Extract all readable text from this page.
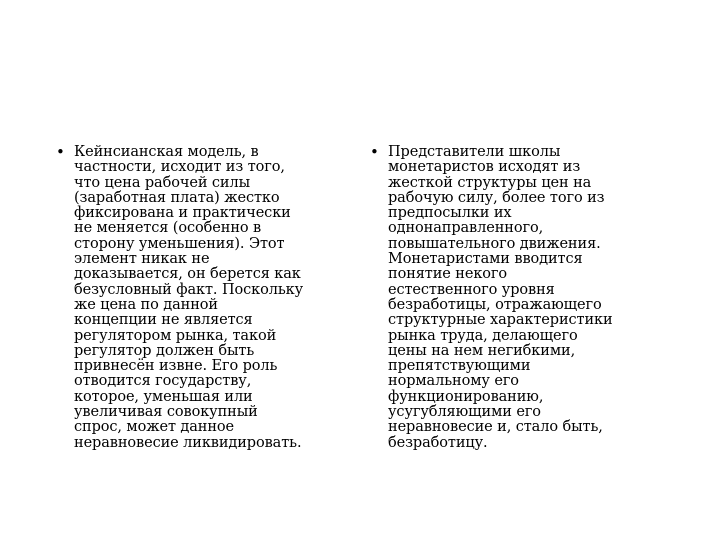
• Кейнсианская модель, в
частности, исходит из того,
что цена рабочей силы
(заработная плата) жестко
фиксирована и практически
не меняется (особенно в
сторону уменьшения). Этот
элемент никак не
доказывается, он берется как
безусловный факт. Поскольку
же цена по данной
концепции не является
регулятором рынка, такой
регулятор должен быть
привнесён извне. Его роль
отводится государству,
которое, уменьшая или
увеличивая совокупный
спрос, может данное
неравновесие ликвидировать.
• Представители школы
монетаристов исходят из
жесткой структуры цен на
рабочую силу, более того из
предпосылки их
однонаправленного,
повышательного движения.
Монетаристами вводится
понятие некого
естественного уровня
безработицы, отражающего
структурные характеристики
рынка труда, делающего
цены на нем негибкими,
препятствующими
нормальному его
функционированию,
усугубляющими его
неравновесие и, стало быть,
безработицу.
